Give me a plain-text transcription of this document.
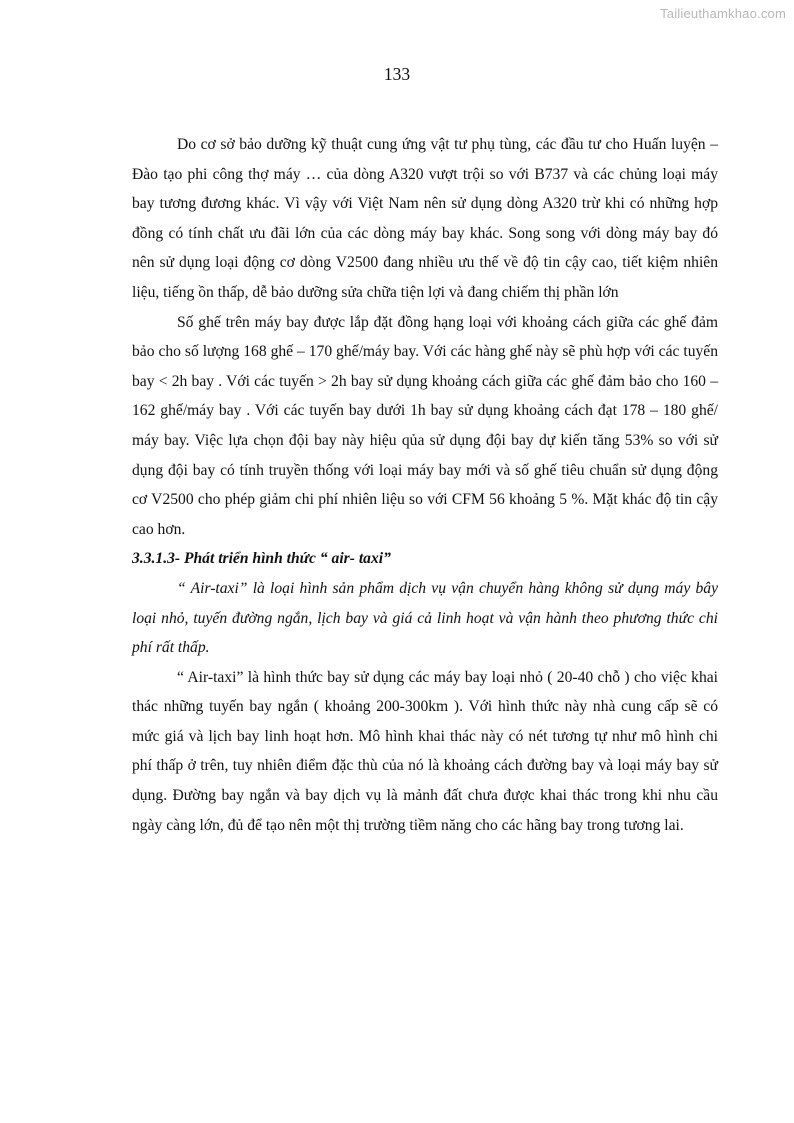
Tailieuthamkhao.com
133

Do cơ sở bảo dưỡng kỹ thuật cung ứng vật tư phụ tùng, các đầu tư cho Huấn luyện – Đào tạo phi công thợ máy … của dòng A320 vượt trội so với B737 và các chủng loại máy bay tương đương khác. Vì vậy với Việt Nam nên sử dụng dòng A320 trừ khi có những hợp đồng có tính chất ưu đãi lớn của các dòng máy bay khác. Song song với dòng máy bay đó nên sử dụng loại động cơ dòng V2500 đang nhiều ưu thế về độ tin cậy cao, tiết kiệm nhiên liệu, tiếng ồn thấp, dễ bảo dưỡng sửa chữa tiện lợi và đang chiếm thị phần lớn

Số ghế trên máy bay được lắp đặt đồng hạng loại với khoảng cách giữa các ghế đảm bảo cho số lượng 168 ghế – 170 ghế/máy bay. Với các hàng ghế này sẽ phù hợp với các tuyến bay < 2h bay . Với các tuyến > 2h bay sử dụng khoảng cách giữa các ghế đảm bảo cho 160 – 162 ghế/máy bay . Với các tuyến bay dưới 1h bay sử dụng khoảng cách đạt 178 – 180 ghế/ máy bay. Việc lựa chọn đội bay này hiệu qủa sử dụng đội bay dự kiến tăng 53% so với sử dụng đội bay có tính truyền thống với loại máy bay mới và số ghế tiêu chuẩn sử dụng động cơ V2500 cho phép giảm chi phí nhiên liệu so với CFM 56 khoảng 5 %. Mặt khác độ tin cậy cao hơn.

3.3.1.3- Phát triển hình thức “ air- taxi”

“ Air-taxi” là loại hình sản phẩm dịch vụ vận chuyển hàng không sử dụng máy bây loại nhỏ, tuyến đường ngắn, lịch bay và giá cả linh hoạt và vận hành theo phương thức chi phí rất thấp.

“ Air-taxi” là hình thức bay sử dụng các máy bay loại nhỏ ( 20-40 chỗ ) cho việc khai thác những tuyến bay ngắn ( khoảng 200-300km ). Với hình thức này nhà cung cấp sẽ có mức giá và lịch bay linh hoạt hơn. Mô hình khai thác này có nét tương tự như mô hình chi phí thấp ở trên, tuy nhiên điểm đặc thù của nó là khoảng cách đường bay và loại máy bay sử dụng. Đường bay ngắn và bay dịch vụ là mảnh đất chưa được khai thác trong khi nhu cầu ngày càng lớn, đủ để tạo nên một thị trường tiềm năng cho các hãng bay trong tương lai.
